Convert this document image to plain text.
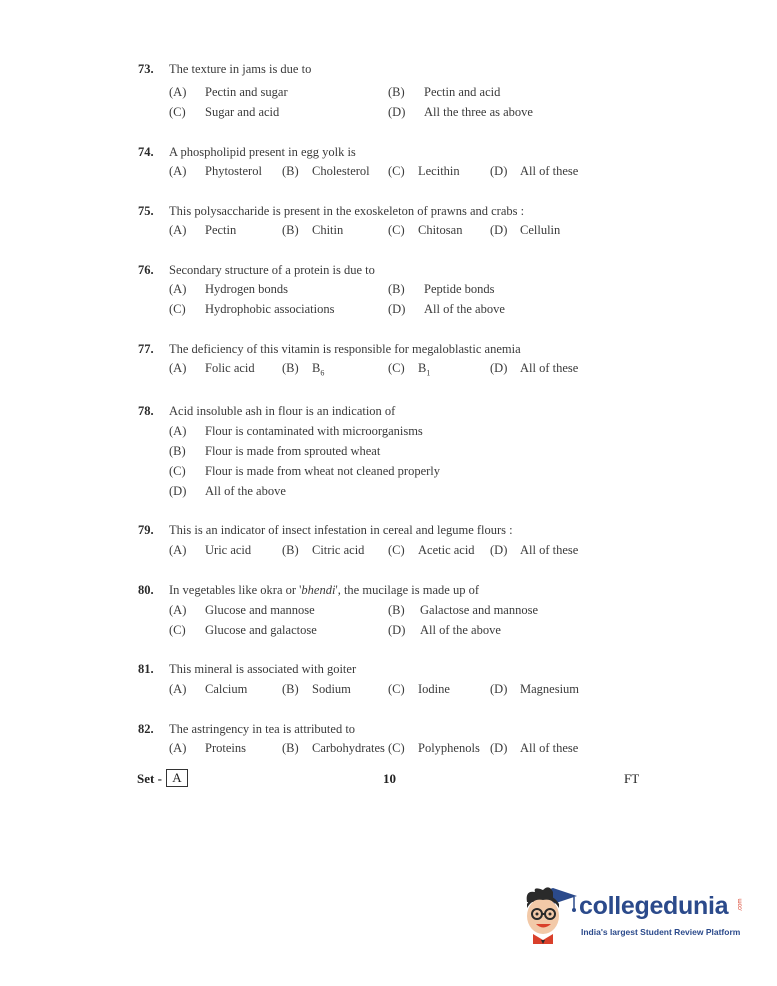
73. The texture in jams is due to
(A) Pectin and sugar	(B) Pectin and acid
(C) Sugar and acid	(D) All the three as above
74. A phospholipid present in egg yolk is
(A) Phytosterol (B) Cholesterol (C) Lecithin (D) All of these
75. This polysaccharide is present in the exoskeleton of prawns and crabs :
(A) Pectin	(B) Chitin	(C) Chitosan (D) Cellulin
76. Secondary structure of a protein is due to
(A) Hydrogen bonds	(B) Peptide bonds
(C) Hydrophobic associations	(D) All of the above
77. The deficiency of this vitamin is responsible for megaloblastic anemia
(A) Folic acid (B) $B_6$	(C) $B_1$	(D) All of these
78. Acid insoluble ash in flour is an indication of
(A) Flour is contaminated with microorganisms
(B) Flour is made from sprouted wheat
(C) Flour is made from wheat not cleaned properly
(D) All of the above
79. This is an indicator of insect infestation in cereal and legume flours :
(A) Uric acid (B) Citric acid (C) Acetic acid (D) All of these
80. In vegetables like okra or 'bhendi', the mucilage is made up of
(A) Glucose and mannose	(B) Galactose and mannose
(C) Glucose and galactose	(D) All of the above
81. This mineral is associated with goiter
(A) Calcium	(B) Sodium	(C) Iodine	(D) Magnesium
82. The astringency in tea is attributed to
(A) Proteins	(B) Carbohydrates (C) Polyphenols (D) All of these
Set - A	10	FT
collegedunia .com
India's largest Student Review Platform
